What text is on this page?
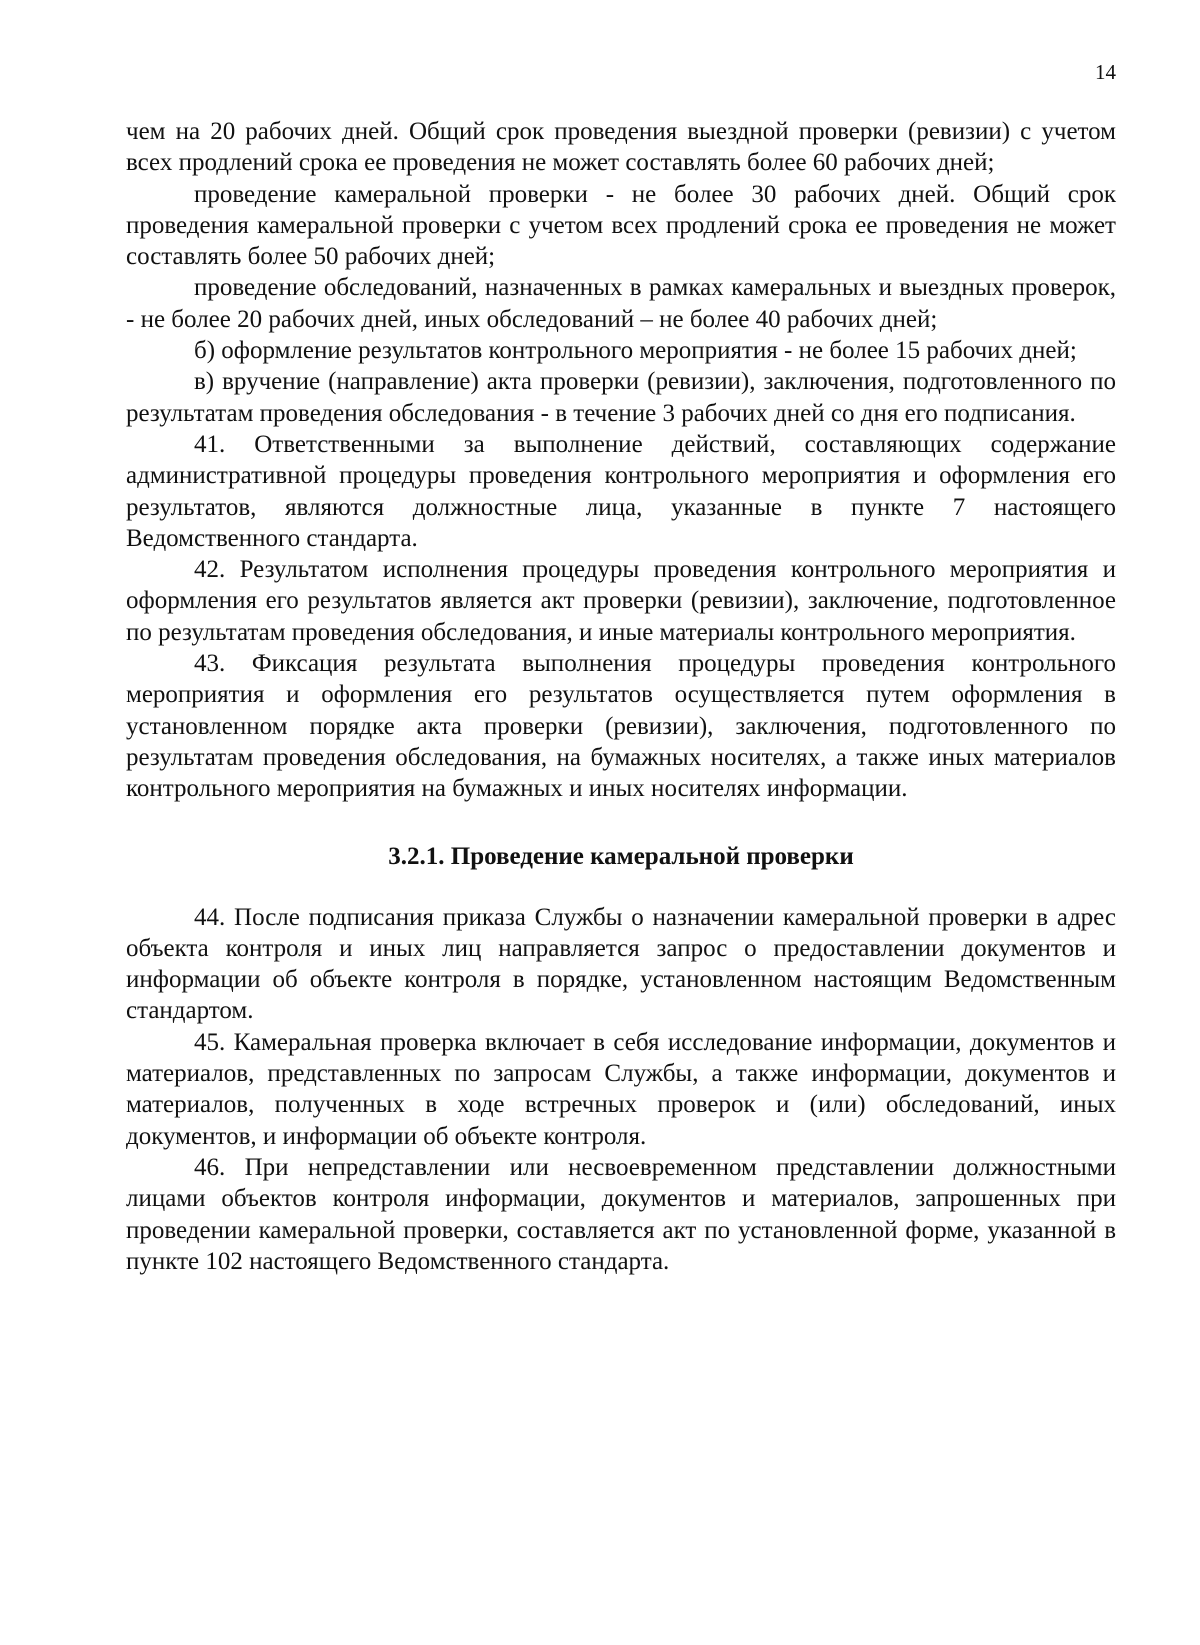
14

чем на 20 рабочих дней. Общий срок проведения выездной проверки (ревизии) с учетом всех продлений срока ее проведения не может составлять более 60 рабочих дней;

проведение камеральной проверки - не более 30 рабочих дней. Общий срок проведения камеральной проверки с учетом всех продлений срока ее проведения не может составлять более 50 рабочих дней;

проведение обследований, назначенных в рамках камеральных и выездных проверок, - не более 20 рабочих дней, иных обследований – не более 40 рабочих дней;

б) оформление результатов контрольного мероприятия - не более 15 рабочих дней;

в) вручение (направление) акта проверки (ревизии), заключения, подготовленного по результатам проведения обследования - в течение 3 рабочих дней со дня его подписания.

41. Ответственными за выполнение действий, составляющих содержание административной процедуры проведения контрольного мероприятия и оформления его результатов, являются должностные лица, указанные в пункте 7 настоящего Ведомственного стандарта.

42. Результатом исполнения процедуры проведения контрольного мероприятия и оформления его результатов является акт проверки (ревизии), заключение, подготовленное по результатам проведения обследования, и иные материалы контрольного мероприятия.

43. Фиксация результата выполнения процедуры проведения контрольного мероприятия и оформления его результатов осуществляется путем оформления в установленном порядке акта проверки (ревизии), заключения, подготовленного по результатам проведения обследования, на бумажных носителях, а также иных материалов контрольного мероприятия на бумажных и иных носителях информации.

3.2.1. Проведение камеральной проверки

44. После подписания приказа Службы о назначении камеральной проверки в адрес объекта контроля и иных лиц направляется запрос о предоставлении документов и информации об объекте контроля в порядке, установленном настоящим Ведомственным стандартом.

45. Камеральная проверка включает в себя исследование информации, документов и материалов, представленных по запросам Службы, а также информации, документов и материалов, полученных в ходе встречных проверок и (или) обследований, иных документов, и информации об объекте контроля.

46. При непредставлении или несвоевременном представлении должностными лицами объектов контроля информации, документов и материалов, запрошенных при проведении камеральной проверки, составляется акт по установленной форме, указанной в пункте 102 настоящего Ведомственного стандарта.
